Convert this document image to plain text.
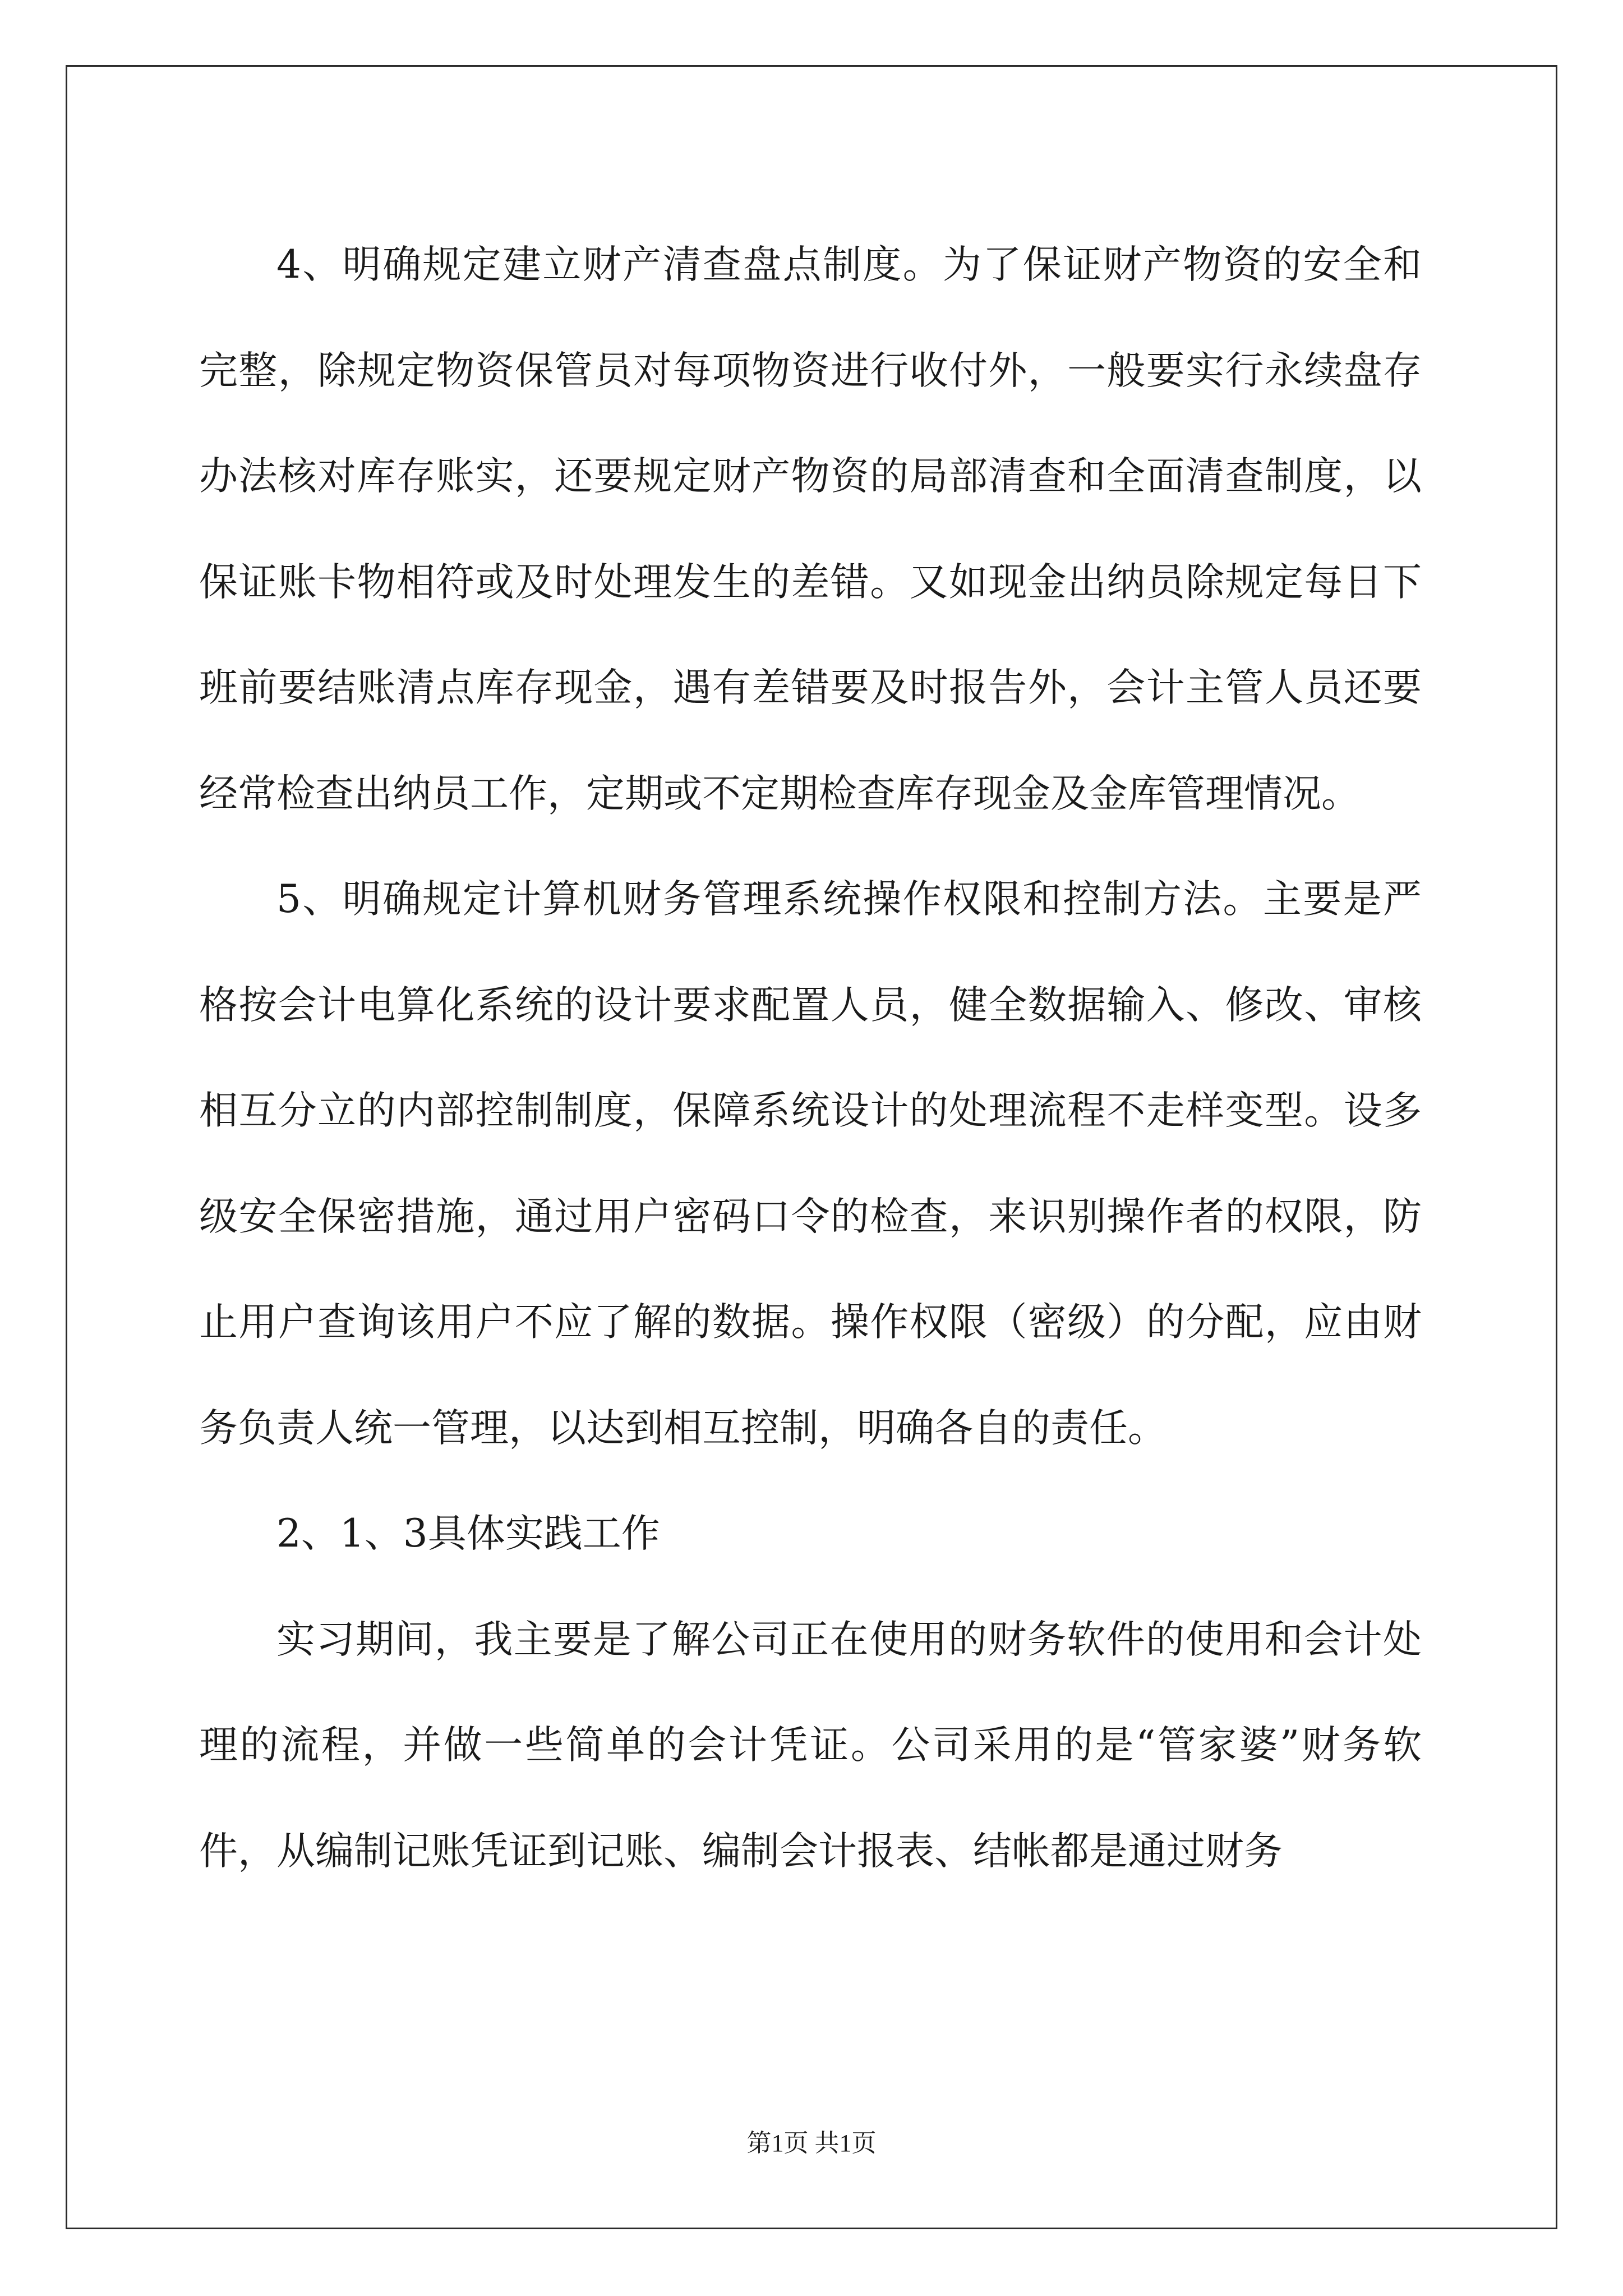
4、明确规定建立财产清查盘点制度。为了保证财产物资的安全和完整，除规定物资保管员对每项物资进行收付外，一般要实行永续盘存办法核对库存账实，还要规定财产物资的局部清查和全面清查制度，以保证账卡物相符或及时处理发生的差错。又如现金出纳员除规定每日下班前要结账清点库存现金，遇有差错要及时报告外，会计主管人员还要经常检查出纳员工作，定期或不定期检查库存现金及金库管理情况。

5、明确规定计算机财务管理系统操作权限和控制方法。主要是严格按会计电算化系统的设计要求配置人员，健全数据输入、修改、审核相互分立的内部控制制度，保障系统设计的处理流程不走样变型。设多级安全保密措施，通过用户密码口令的检查，来识别操作者的权限，防止用户查询该用户不应了解的数据。操作权限（密级）的分配，应由财务负责人统一管理，以达到相互控制，明确各自的责任。

2、1、3具体实践工作

实习期间，我主要是了解公司正在使用的财务软件的使用和会计处理的流程，并做一些简单的会计凭证。公司采用的是“管家婆”财务软件，从编制记账凭证到记账、编制会计报表、结帐都是通过财务

第1页 共1页
